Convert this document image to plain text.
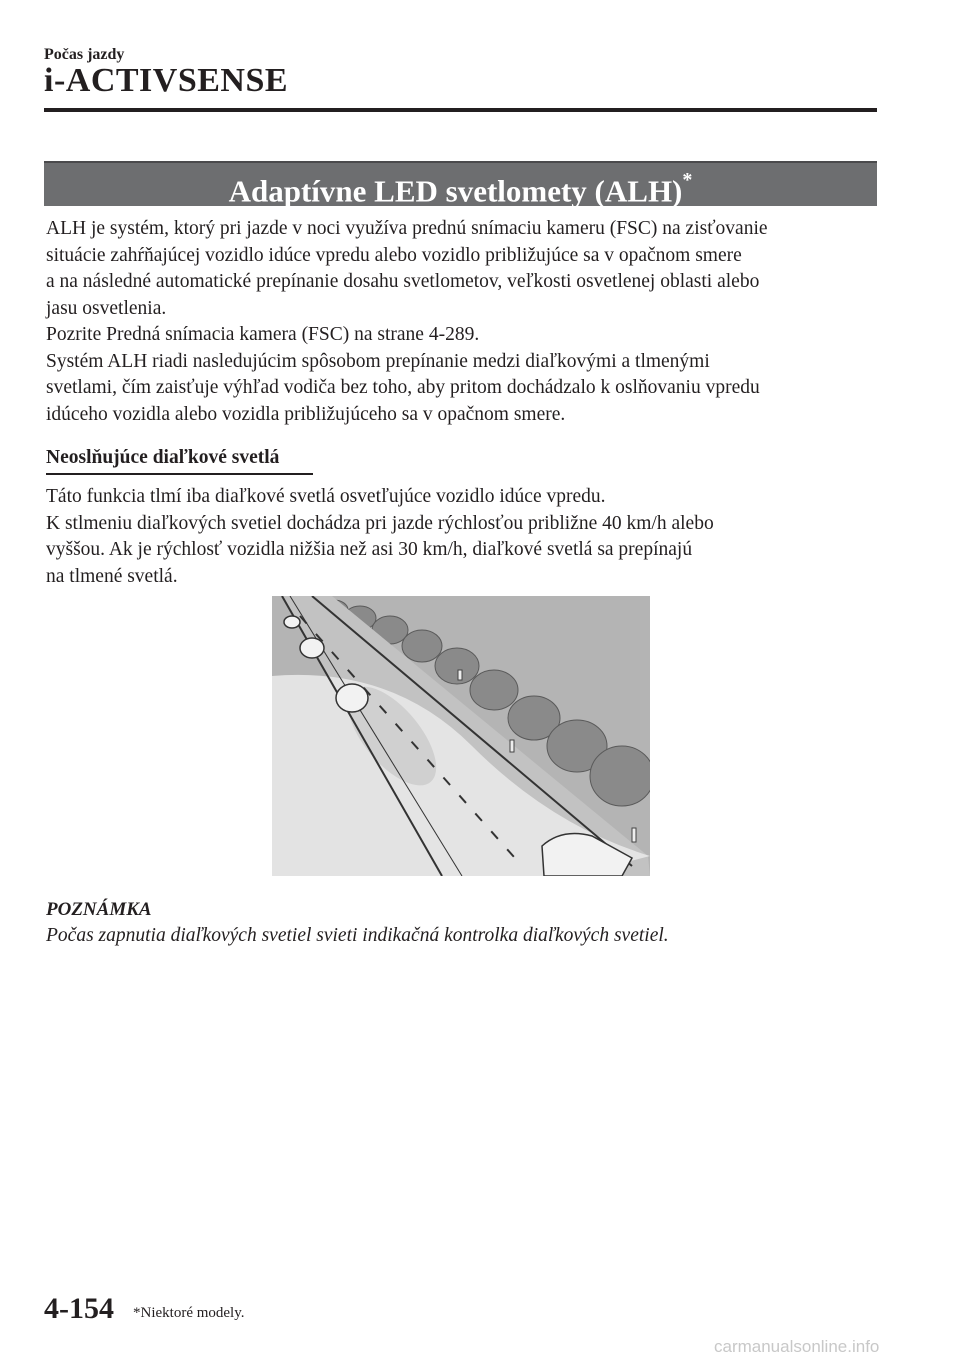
Počas jazdy
i-ACTIVSENSE
Adaptívne LED svetlomety (ALH)*

ALH je systém, ktorý pri jazde v noci využíva prednú snímaciu kameru (FSC) na zisťovanie

situácie zahŕňajúcej vozidlo idúce vpredu alebo vozidlo približujúce sa v opačnom smere

a na následné automatické prepínanie dosahu svetlometov, veľkosti osvetlenej oblasti alebo

jasu osvetlenia.

Pozrite Predná snímacia kamera (FSC) na strane 4-289.

Systém ALH riadi nasledujúcim spôsobom prepínanie medzi diaľkovými a tlmenými

svetlami, čím zaisťuje výhľad vodiča bez toho, aby pritom dochádzalo k oslňovaniu vpredu

idúceho vozidla alebo vozidla približujúceho sa v opačnom smere.

Neoslňujúce diaľkové svetlá

Táto funkcia tlmí iba diaľkové svetlá osvetľujúce vozidlo idúce vpredu.

K stlmeniu diaľkových svetiel dochádza pri jazde rýchlosťou približne 40 km/h alebo

vyššou. Ak je rýchlosť vozidla nižšia než asi 30 km/h, diaľkové svetlá sa prepínajú

na tlmené svetlá.

POZNÁMKA
Počas zapnutia diaľkových svetiel svieti indikačná kontrolka diaľkových svetiel.
4-154 *Niektoré modely.
carmanualsonline.info
